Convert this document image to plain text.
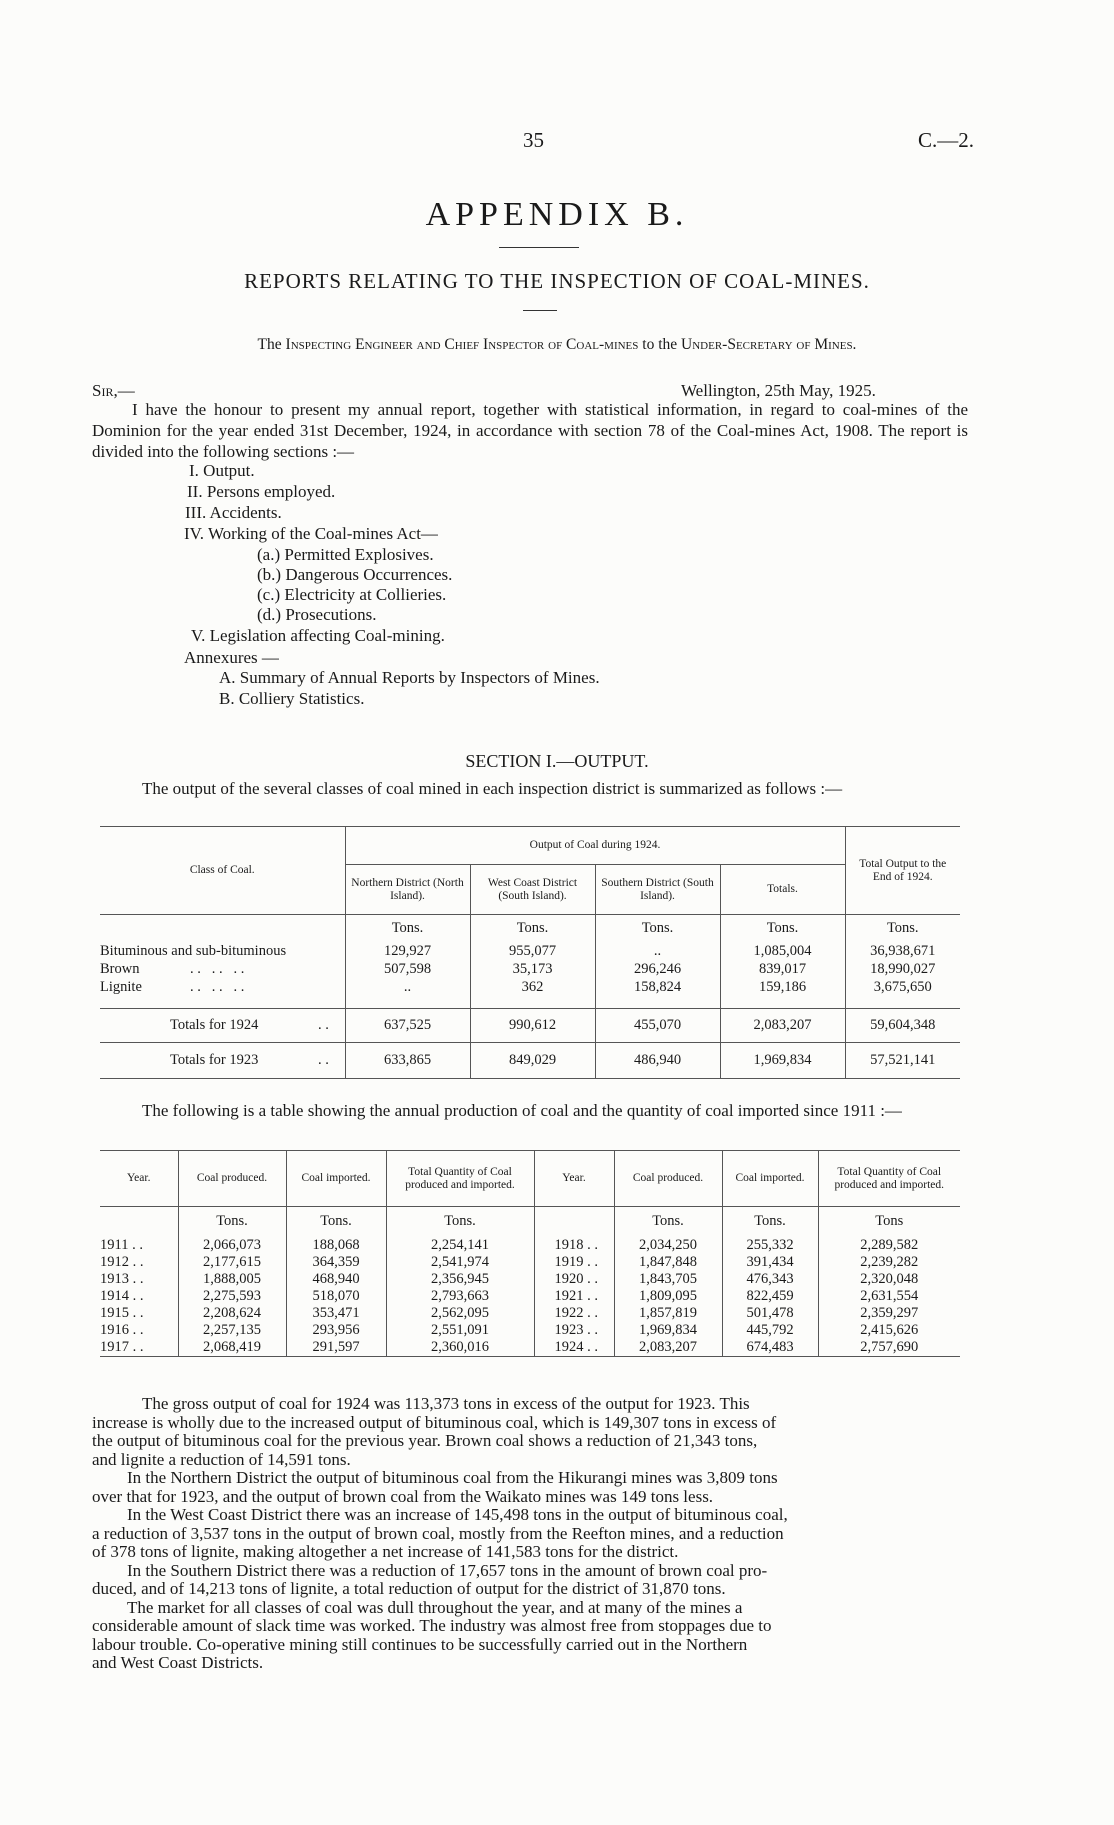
35	C.—2.
APPENDIX B.
REPORTS RELATING TO THE INSPECTION OF COAL-MINES.
The Inspecting Engineer and Chief Inspector of Coal-mines to the Under-Secretary of Mines.
Sir,—	Wellington, 25th May, 1925.
I have the honour to present my annual report, together with statistical information, in regard to coal-mines of the Dominion for the year ended 31st December, 1924, in accordance with section 78 of the Coal-mines Act, 1908. The report is divided into the following sections :—
I. Output.
II. Persons employed.
III. Accidents.
IV. Working of the Coal-mines Act—
(a.) Permitted Explosives.
(b.) Dangerous Occurrences.
(c.) Electricity at Collieries.
(d.) Prosecutions.
V. Legislation affecting Coal-mining.
Annexures —
A. Summary of Annual Reports by Inspectors of Mines.
B. Colliery Statistics.
SECTION I.—OUTPUT.
The output of the several classes of coal mined in each inspection district is summarized as follows :—
Class of Coal.	Output of Coal during 1924.				Total Output to the End of 1924.
	Northern District (North Island).	West Coast District (South Island).	Southern District (South Island).	Totals.	
	Tons.	Tons.	Tons.	Tons.	Tons.
Bituminous and sub-bituminous	129,927	955,077	..	1,085,004	36,938,671
Brown . .   . .   . .	507,598	35,173	296,246	839,017	18,990,027
Lignite . .   . .   . .	..	362	158,824	159,186	3,675,650

Totals for 1924 . .	637,525	990,612	455,070	2,083,207	59,604,348
Totals for 1923 . .	633,865	849,029	486,940	1,969,834	57,521,141
The following is a table showing the annual production of coal and the quantity of coal imported since 1911 :—
Year.	Coal produced.	Coal imported.	Total Quantity of Coal produced and imported.	Year.	Coal produced.	Coal imported.	Total Quantity of Coal produced and imported.
	Tons.	Tons.	Tons.		Tons.	Tons.	Tons
1911 . .	2,066,073	188,068	2,254,141	1918 . .	2,034,250	255,332	2,289,582
1912 . .	2,177,615	364,359	2,541,974	1919 . .	1,847,848	391,434	2,239,282
1913 . .	1,888,005	468,940	2,356,945	1920 . .	1,843,705	476,343	2,320,048
1914 . .	2,275,593	518,070	2,793,663	1921 . .	1,809,095	822,459	2,631,554
1915 . .	2,208,624	353,471	2,562,095	1922 . .	1,857,819	501,478	2,359,297
1916 . .	2,257,135	293,956	2,551,091	1923 . .	1,969,834	445,792	2,415,626
1917 . .	2,068,419	291,597	2,360,016	1924 . .	2,083,207	674,483	2,757,690
The gross output of coal for 1924 was 113,373 tons in excess of the output for 1923. This
increase is wholly due to the increased output of bituminous coal, which is 149,307 tons in excess of
the output of bituminous coal for the previous year. Brown coal shows a reduction of 21,343 tons,
and lignite a reduction of 14,591 tons.
In the Northern District the output of bituminous coal from the Hikurangi mines was 3,809 tons
over that for 1923, and the output of brown coal from the Waikato mines was 149 tons less.
In the West Coast District there was an increase of 145,498 tons in the output of bituminous coal,
a reduction of 3,537 tons in the output of brown coal, mostly from the Reefton mines, and a reduction
of 378 tons of lignite, making altogether a net increase of 141,583 tons for the district.
In the Southern District there was a reduction of 17,657 tons in the amount of brown coal pro-
duced, and of 14,213 tons of lignite, a total reduction of output for the district of 31,870 tons.
The market for all classes of coal was dull throughout the year, and at many of the mines a
considerable amount of slack time was worked. The industry was almost free from stoppages due to
labour trouble. Co-operative mining still continues to be successfully carried out in the Northern
and West Coast Districts.
